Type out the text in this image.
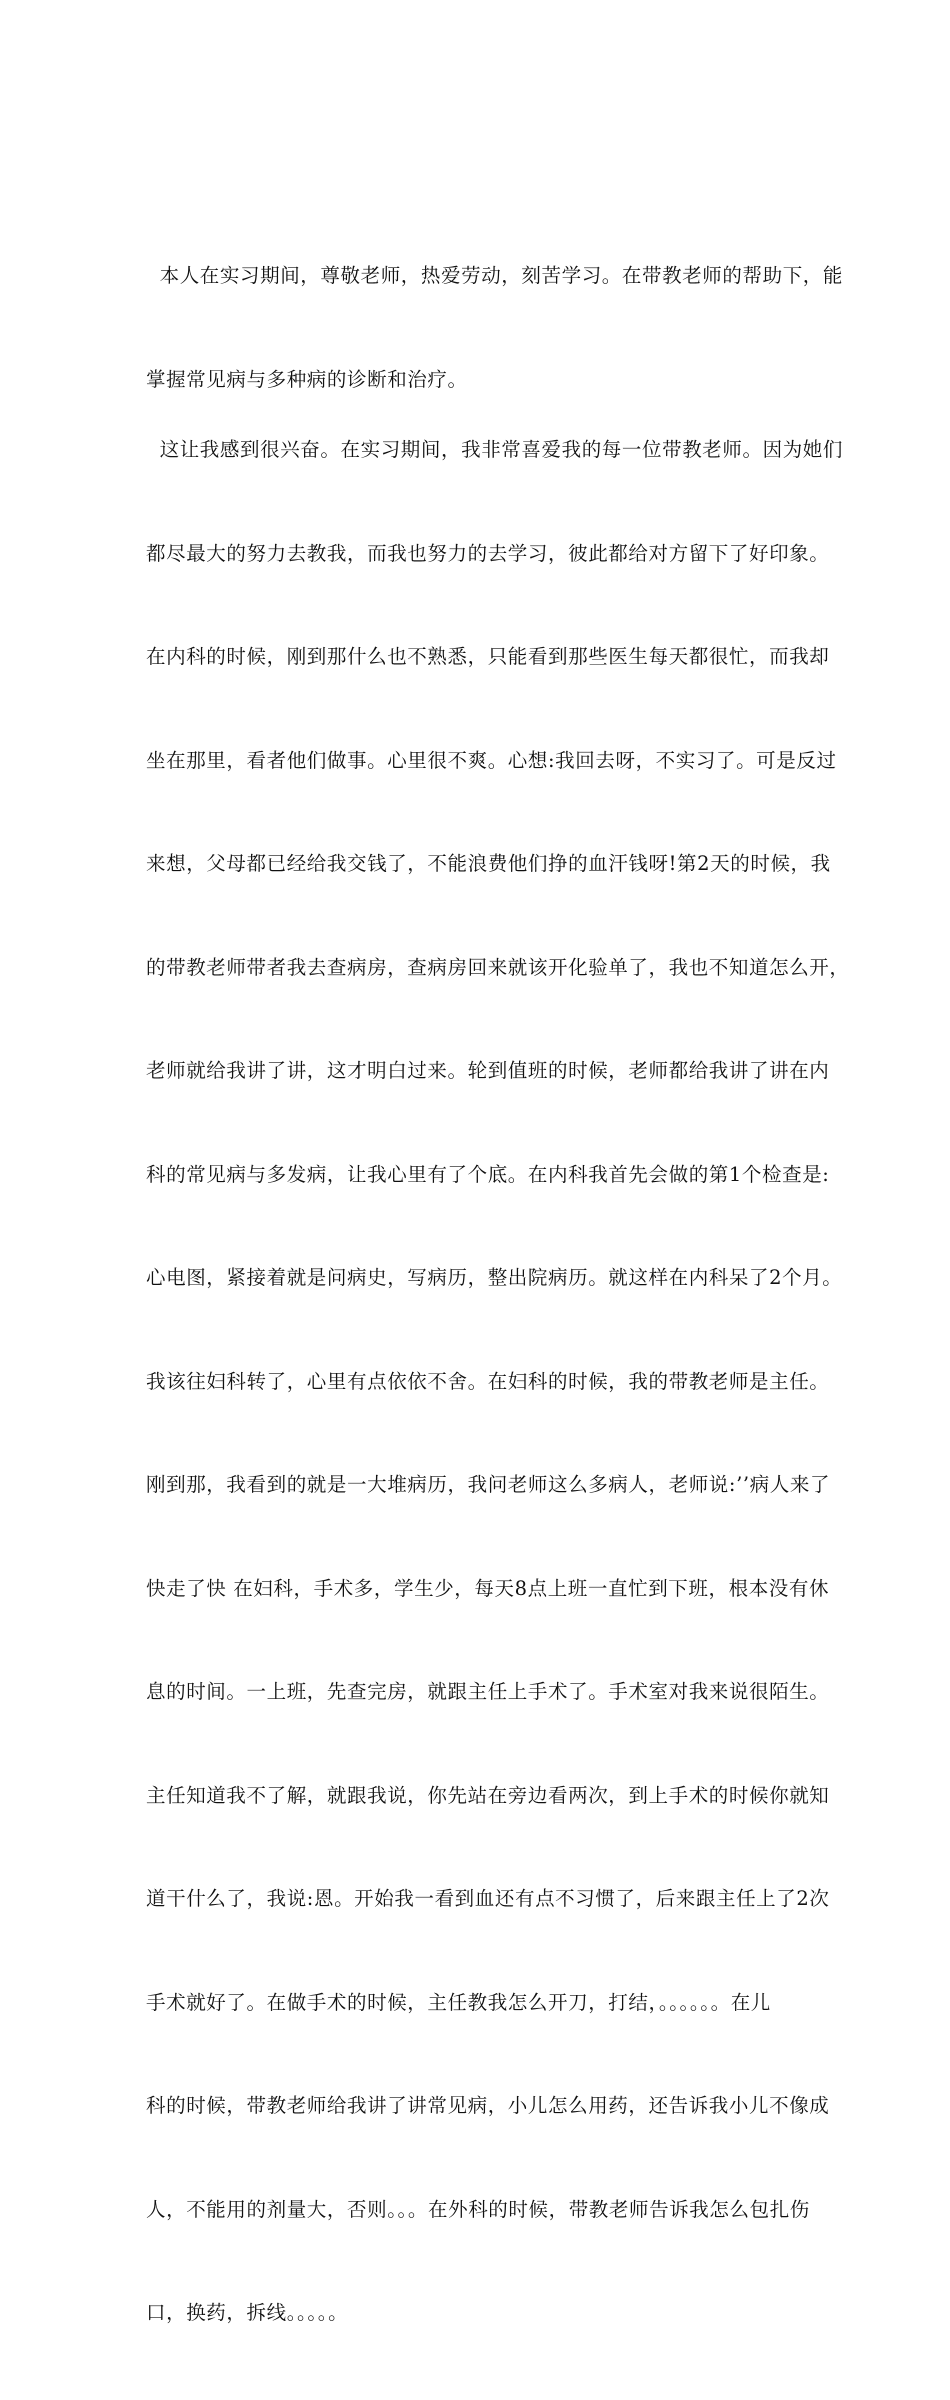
本人在实习期间，尊敬老师，热爱劳动，刻苦学习。在带教老师的帮助下，能

掌握常见病与多种病的诊断和治疗。

这让我感到很兴奋。在实习期间，我非常喜爱我的每一位带教老师。因为她们

都尽最大的努力去教我，而我也努力的去学习，彼此都给对方留下了好印象。

在内科的时候，刚到那什么也不熟悉，只能看到那些医生每天都很忙，而我却

坐在那里，看者他们做事。心里很不爽。心想:我回去呀，不实习了。可是反过

来想，父母都已经给我交钱了，不能浪费他们挣的血汗钱呀!第2天的时候，我

的带教老师带者我去查病房，查病房回来就该开化验单了，我也不知道怎么开，

老师就给我讲了讲，这才明白过来。轮到值班的时候，老师都给我讲了讲在内

科的常见病与多发病，让我心里有了个底。在内科我首先会做的第1个检查是:

心电图，紧接着就是问病史，写病历，整出院病历。就这样在内科呆了2个月。

我该往妇科转了，心里有点依依不舍。在妇科的时候，我的带教老师是主任。

刚到那，我看到的就是一大堆病历，我问老师这么多病人，老师说:’’病人来了

快走了快 在妇科，手术多，学生少，每天8点上班一直忙到下班，根本没有休

息的时间。一上班，先查完房，就跟主任上手术了。手术室对我来说很陌生。

主任知道我不了解，就跟我说，你先站在旁边看两次，到上手术的时候你就知

道干什么了，我说:恩。开始我一看到血还有点不习惯了，后来跟主任上了2次

手术就好了。在做手术的时候，主任教我怎么开刀，打结，。。。。。。在儿

科的时候，带教老师给我讲了讲常见病，小儿怎么用药，还告诉我小儿不像成

人，不能用的剂量大，否则。。。在外科的时候，带教老师告诉我怎么包扎伤

口，换药，拆线。。。。。
